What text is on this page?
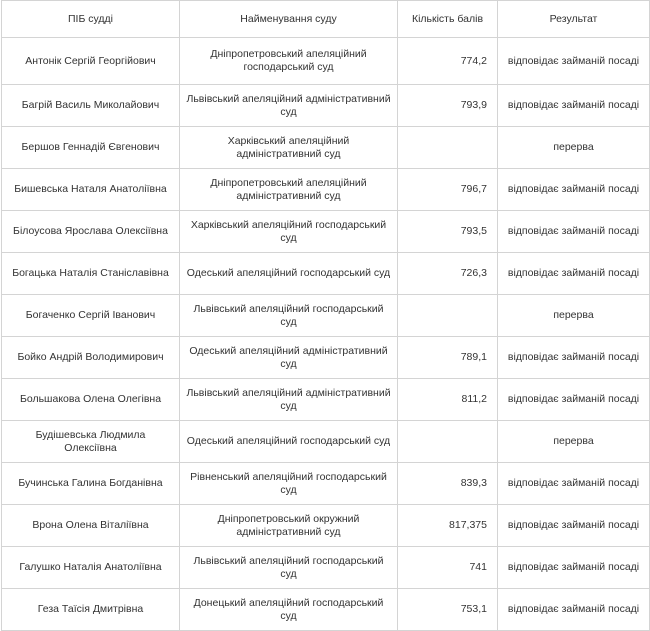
ПІБ судді	Найменування суду	Кількість балів	Результат
Антонік Сергій Георгійович	Дніпропетровський апеляційний господарський суд	774,2	відповідає займаній посаді
Багрій Василь Миколайович	Львівський апеляційний адміністративний суд	793,9	відповідає займаній посаді
Бершов Геннадій Євгенович	Харківський апеляційний адміністративний суд		перерва
Бишевська Наталя Анатоліївна	Дніпропетровський апеляційний адміністративний суд	796,7	відповідає займаній посаді
Білоусова Ярослава Олексіївна	Харківський апеляційний господарський суд	793,5	відповідає займаній посаді
Богацька Наталія Станіславівна	Одеський апеляційний господарський суд	726,3	відповідає займаній посаді
Богаченко Сергій Іванович	Львівський апеляційний господарський суд		перерва
Бойко Андрій Володимирович	Одеський апеляційний адміністративний суд	789,1	відповідає займаній посаді
Большакова Олена Олегівна	Львівський апеляційний адміністративний суд	811,2	відповідає займаній посаді
Будішевська Людмила Олексіївна	Одеський апеляційний господарський суд		перерва
Бучинська Галина Богданівна	Рівненський апеляційний господарський суд	839,3	відповідає займаній посаді
Врона Олена Віталіївна	Дніпропетровський окружний адміністративний суд	817,375	відповідає займаній посаді
Галушко Наталія Анатоліївна	Львівський апеляційний господарський суд	741	відповідає займаній посаді
Геза Таїсія Дмитрівна	Донецький апеляційний господарський суд	753,1	відповідає займаній посаді
